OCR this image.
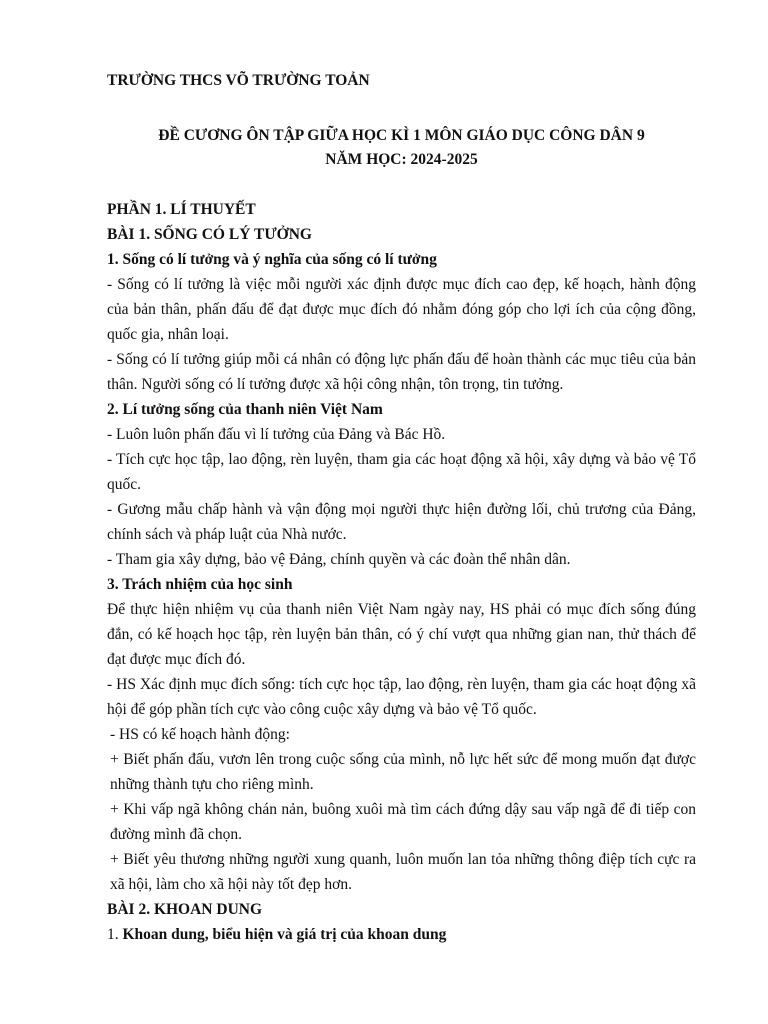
TRƯỜNG THCS VÕ TRƯỜNG TOẢN
ĐỀ CƯƠNG ÔN TẬP GIỮA HỌC KÌ 1 MÔN GIÁO DỤC CÔNG DÂN 9
NĂM HỌC: 2024-2025
PHẦN 1. LÍ THUYẾT
BÀI 1. SỐNG CÓ LÝ TƯỞNG
1. Sống có lí tưởng và ý nghĩa của sống có lí tưởng

- Sống có lí tưởng là việc mỗi người xác định được mục đích cao đẹp, kế hoạch, hành động của bản thân, phấn đấu để đạt được mục đích đó nhằm đóng góp cho lợi ích của cộng đồng, quốc gia, nhân loại.

- Sống có lí tưởng giúp mỗi cá nhân có động lực phấn đấu để hoàn thành các mục tiêu của bản thân. Người sống có lí tưởng được xã hội công nhận, tôn trọng, tin tưởng.

2. Lí tưởng sống của thanh niên Việt Nam

- Luôn luôn phấn đấu vì lí tưởng của Đảng và Bác Hồ.

- Tích cực học tập, lao động, rèn luyện, tham gia các hoạt động xã hội, xây dựng và bảo vệ Tổ quốc.

- Gương mẫu chấp hành và vận động mọi người thực hiện đường lối, chủ trương của Đảng, chính sách và pháp luật của Nhà nước.

- Tham gia xây dựng, bảo vệ Đảng, chính quyền và các đoàn thể nhân dân.

3. Trách nhiệm của học sinh

Để thực hiện nhiệm vụ của thanh niên Việt Nam ngày nay, HS phải có mục đích sống đúng đắn, có kế hoạch học tập, rèn luyện bản thân, có ý chí vượt qua những gian nan, thử thách để đạt được mục đích đó.

- HS Xác định mục đích sống: tích cực học tập, lao động, rèn luyện, tham gia các hoạt động xã hội để góp phần tích cực vào công cuộc xây dựng và bảo vệ Tổ quốc.

- HS có kế hoạch hành động:

+ Biết phấn đấu, vươn lên trong cuộc sống của mình, nỗ lực hết sức để mong muốn đạt được những thành tựu cho riêng mình.

+ Khi vấp ngã không chán nản, buông xuôi mà tìm cách đứng dậy sau vấp ngã để đi tiếp con đường mình đã chọn.

+ Biết yêu thương những người xung quanh, luôn muốn lan tỏa những thông điệp tích cực ra xã hội, làm cho xã hội này tốt đẹp hơn.

BÀI 2. KHOAN DUNG
1. Khoan dung, biểu hiện và giá trị của khoan dung
